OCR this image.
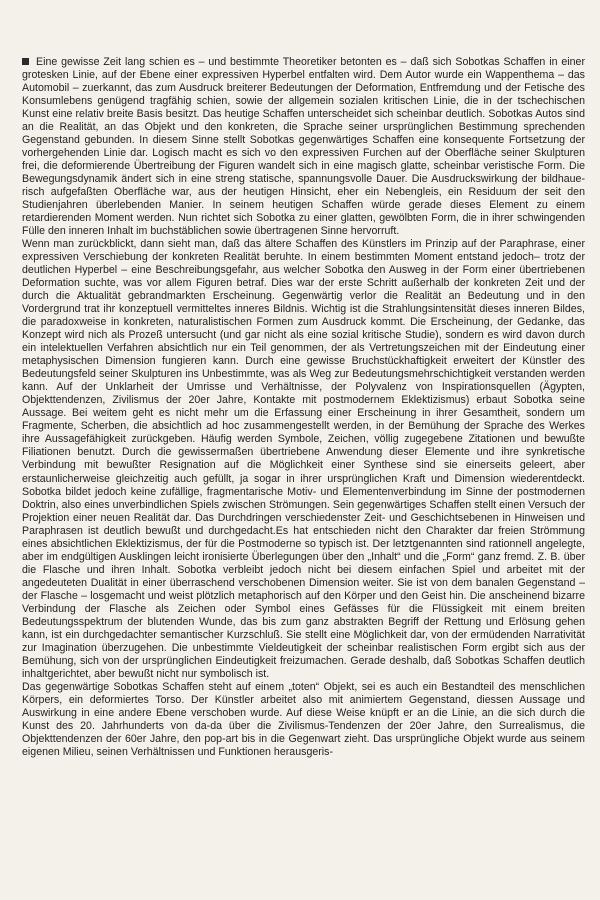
Eine gewisse Zeit lang schien es – und bestimmte Theoretiker betonten es – daß sich Sobotkas Schaffen in einer grotesken Linie, auf der Ebene einer expressiven Hyperbel entfalten wird. Dem Autor wurde ein Wappenthema – das Automobil – zuerkannt, das zum Ausdruck breiterer Bedeutungen der Deformation, Entfremdung und der Fetische des Konsumlebens genügend tragfähig schien, sowie der allgemein sozialen kritischen Linie, die in der tschechischen Kunst eine relativ breite Basis besitzt. Das heutige Schaffen unterscheidet sich scheinbar deutlich. Sobotkas Autos sind an die Realität, an das Objekt und den konkreten, die Sprache seiner ursprünglichen Bestimmung sprechenden Gegenstand gebunden. In diesem Sinne stellt Sobotkas gegenwärtiges Schaffen eine konsequente Fortsetzung der vorhergehenden Linie dar. Logisch macht es sich vo den expressiven Furchen auf der Oberfläche seiner Skulpturen frei, die deformierende Übertreibung der Figuren wandelt sich in eine magisch glatte, scheinbar veristische Form. Die Bewegungsdynamik ändert sich in eine streng statische, spannungsvolle Dauer. Die Ausdruckswirkung der bildhauerisch aufgefaßten Oberfläche war, aus der heutigen Hinsicht, eher ein Nebengleis, ein Residuum der seit den Studienjahren überlebenden Manier. In seinem heutigen Schaffen würde gerade dieses Element zu einem retardierenden Moment werden. Nun richtet sich Sobotka zu einer glatten, gewölbten Form, die in ihrer schwingenden Fülle den inneren Inhalt im buchstäblichen sowie übertragenen Sinne hervorruft.

Wenn man zurückblickt, dann sieht man, daß das ältere Schaffen des Künstlers im Prinzip auf der Paraphrase, einer expressiven Verschiebung der konkreten Realität beruhte. In einem bestimmten Moment entstand jedoch– trotz der deutlichen Hyperbel – eine Beschreibungsgefahr, aus welcher Sobotka den Ausweg in der Form einer übertriebenen Deformation suchte, was vor allem Figuren betraf. Dies war der erste Schritt außerhalb der konkreten Zeit und der durch die Aktualität gebrandmarkten Erscheinung. Gegenwärtig verlor die Realität an Bedeutung und in den Vordergrund trat ihr konzeptuell vermitteltes inneres Bildnis. Wichtig ist die Strahlungsintensität dieses inneren Bildes, die paradoxweise in konkreten, naturalistischen Formen zum Ausdruck kommt. Die Erscheinung, der Gedanke, das Konzept wird nich als Prozeß untersucht (und gar nicht als eine sozial kritische Studie), sondern es wird davon durch ein intelektuellen Verfahren absichtlich nur ein Teil genommen, der als Vertretungszeichen mit der Eindeutung einer metaphysischen Dimension fungieren kann. Durch eine gewisse Bruchstückhaftigkeit erweitert der Künstler des Bedeutungsfeld seiner Skulpturen ins Unbestimmte, was als Weg zur Bedeutungsmehrschichtigkeit verstanden werden kann. Auf der Unklarheit der Umrisse und Verhältnisse, der Polyvalenz von Inspirationsquellen (Ägypten, Objekttendenzen, Zivilismus der 20er Jahre, Kontakte mit postmodernem Eklektizismus) erbaut Sobotka seine Aussage. Bei weitem geht es nicht mehr um die Erfassung einer Erscheinung in ihrer Gesamtheit, sondern um Fragmente, Scherben, die absichtlich ad hoc zusammengestellt werden, in der Bemühung der Sprache des Werkes ihre Aussagefähigkeit zurückgeben. Häufig werden Symbole, Zeichen, völlig zugegebene Zitationen und bewußte Filiationen benutzt. Durch die gewissermaßen übertriebene Anwendung dieser Elemente und ihre synkretische Verbindung mit bewußter Resignation auf die Möglichkeit einer Synthese sind sie einerseits geleert, aber erstaunlicherweise gleichzeitig auch gefüllt, ja sogar in ihrer ursprünglichen Kraft und Dimension wiederentdeckt. Sobotka bildet jedoch keine zufällige, fragmentarische Motiv- und Elementenverbindung im Sinne der postmodernen Doktrin, also eines unverbindlichen Spiels zwischen Strömungen. Sein gegenwärtiges Schaffen stellt einen Versuch der Projektion einer neuen Realität dar. Das Durchdringen verschiedenster Zeit- und Geschichtsebenen in Hinweisen und Paraphrasen ist deutlich bewußt und durchgedacht.Es hat entschieden nicht den Charakter dar freien Strömmung eines absichtlichen Eklektizismus, der für die Postmoderne so typisch ist. Der letztgenannten sind rationnell angelegte, aber im endgültigen Ausklingen leicht ironisierte Überlegungen über den „Inhalt“ und die „Form“ ganz fremd. Z. B. über die Flasche und ihren Inhalt. Sobotka verbleibt jedoch nicht bei diesem einfachen Spiel und arbeitet mit der angedeuteten Dualität in einer überraschend verschobenen Dimension weiter. Sie ist von dem banalen Gegenstand – der Flasche – losgemacht und weist plötzlich metaphorisch auf den Körper und den Geist hin. Die anscheinend bizarre Verbindung der Flasche als Zeichen oder Symbol eines Gefässes für die Flüssigkeit mit einem breiten Bedeutungsspektrum der blutenden Wunde, das bis zum ganz abstrakten Begriff der Rettung und Erlösung gehen kann, ist ein durchgedachter semantischer Kurzschluß. Sie stellt eine Möglichkeit dar, von der ermüdenden Narrativität zur Imagination überzugehen. Die unbestimmte Vieldeutigkeit der scheinbar realistischen Form ergibt sich aus der Bemühung, sich von der ursprünglichen Eindeutigkeit freizumachen. Gerade deshalb, daß Sobotkas Schaffen deutlich inhaltgerichtet, aber bewußt nicht nur symbolisch ist.

Das gegenwärtige Sobotkas Schaffen steht auf einem „toten“ Objekt, sei es auch ein Bestandteil des menschlichen Körpers, ein deformiertes Torso. Der Künstler arbeitet also mit animiertem Gegenstand, diessen Aussage und Auswirkung in eine andere Ebene verschoben wurde. Auf diese Weise knüpft er an die Linie, an die sich durch die Kunst des 20. Jahrhunderts von da-da über die Zivilismus-Tendenzen der 20er Jahre, den Surrealismus, die Objekttendenzen der 60er Jahre, den pop-art bis in die Gegenwart zieht. Das ursprüngliche Objekt wurde aus seinem eigenen Milieu, seinen Verhältnissen und Funktionen herausgeris-
